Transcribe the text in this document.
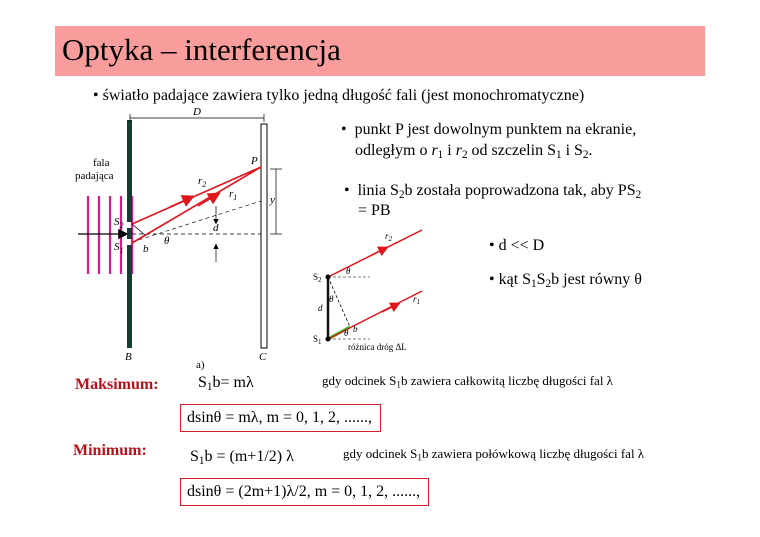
Optyka – interferencja
• światło padające zawiera tylko jedną długość fali (jest monochromatyczne)
D
P
y
d
$r_2$
$r_1$
θ
b
$S_2$
$S_1$
B	C
a)
fala
padająca
•  punkt P jest dowolnym punktem na ekranie,
odległym o $r_1$ i $r_2$ od szczelin $S_1$ i $S_2$.
•  linia $S_2b$ została poprowadzona tak, aby $PS_2$
= PB
• d << D
• kąt $S_1S_2b$ jest równy θ
$r_2$
$r_1$
$S_2$
$S_1$
d
θ
θ
θ b
różnica dróg ΔL
Maksimum: $S_1b= m\lambda$	gdy odcinek $S_1b$ zawiera całkowitą liczbę długości fal λ
dsinθ = mλ, m = 0, 1, 2, ......,
Minimum:	$S_1b = (m+1/2)$ λ	gdy odcinek $S_1b$ zawiera połówkową liczbę długości fal λ
dsinθ = (2m+1)λ/2, m = 0, 1, 2, ......,
